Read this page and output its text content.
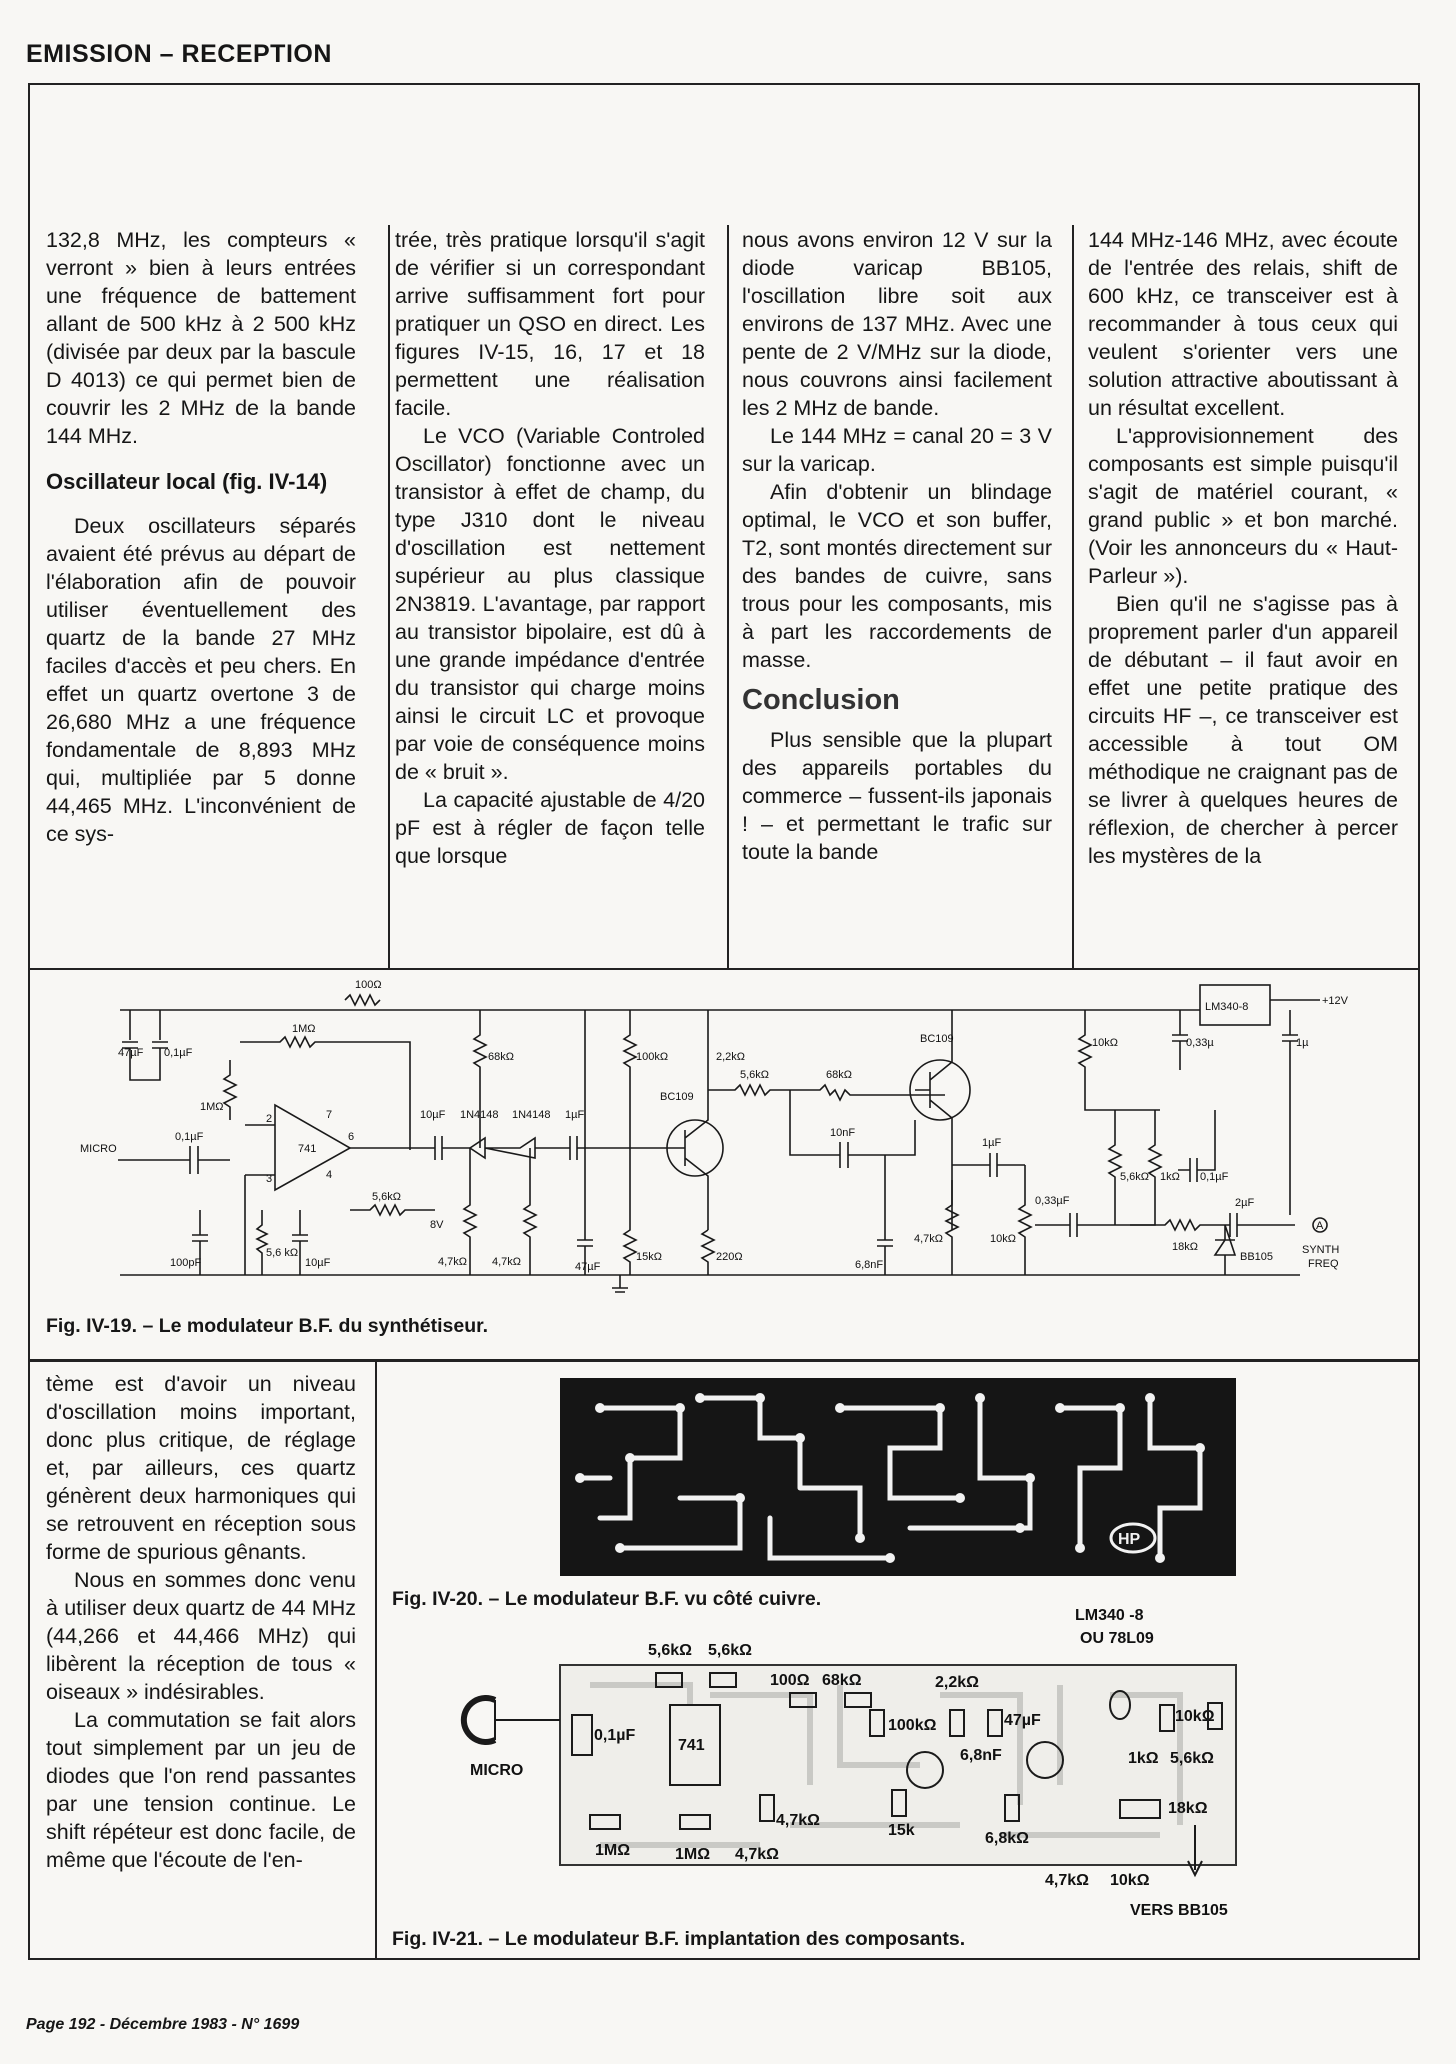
EMISSION – RECEPTION

132,8 MHz, les compteurs « verront » bien à leurs entrées une fréquence de battement allant de 500 kHz à 2 500 kHz (divisée par deux par la bascule D 4013) ce qui permet bien de couvrir les 2 MHz de la bande 144 MHz.

Oscillateur local (fig. IV-14)

Deux oscillateurs séparés avaient été prévus au départ de l'élaboration afin de pouvoir utiliser éventuellement des quartz de la bande 27 MHz faciles d'accès et peu chers. En effet un quartz overtone 3 de 26,680 MHz a une fréquence fondamentale de 8,893 MHz qui, multipliée par 5 donne 44,465 MHz. L'inconvénient de ce sys-

trée, très pratique lorsqu'il s'agit de vérifier si un correspondant arrive suffisamment fort pour pratiquer un QSO en direct. Les figures IV-15, 16, 17 et 18 permettent une réalisation facile.

Le VCO (Variable Controled Oscillator) fonctionne avec un transistor à effet de champ, du type J310 dont le niveau d'oscillation est nettement supérieur au plus classique 2N3819. L'avantage, par rapport au transistor bipolaire, est dû à une grande impédance d'entrée du transistor qui charge moins ainsi le circuit LC et provoque par voie de conséquence moins de « bruit ».

La capacité ajustable de 4/20 pF est à régler de façon telle que lorsque

nous avons environ 12 V sur la diode varicap BB105, l'oscillation libre soit aux environs de 137 MHz. Avec une pente de 2 V/MHz sur la diode, nous couvrons ainsi facilement les 2 MHz de bande.

Le 144 MHz = canal 20 = 3 V sur la varicap.

Afin d'obtenir un blindage optimal, le VCO et son buffer, T2, sont montés directement sur des bandes de cuivre, sans trous pour les composants, mis à part les raccordements de masse.

Conclusion

Plus sensible que la plupart des appareils portables du commerce – fussent-ils japonais ! – et permettant le trafic sur toute la bande

144 MHz-146 MHz, avec écoute de l'entrée des relais, shift de 600 kHz, ce transceiver est à recommander à tous ceux qui veulent s'orienter vers une solution attractive aboutissant à un résultat excellent.

L'approvisionnement des composants est simple puisqu'il s'agit de matériel courant, « grand public » et bon marché. (Voir les annonceurs du « Haut-Parleur »).

Bien qu'il ne s'agisse pas à proprement parler d'un appareil de débutant – il faut avoir en effet une petite pratique des circuits HF –, ce transceiver est accessible à tout OM méthodique ne craignant pas de se livrer à quelques heures de réflexion, de chercher à percer les mystères de la

47µF 0,1µF
100Ω
1MΩ
1MΩ
MICRO
0,1µF
741
2
3	4
6
7
100pF
5,6 kΩ
10µF
5,6kΩ
8V
10µF 1N4148 1N4148 1µF
68kΩ
4,7kΩ 4,7kΩ	47µF
100kΩ
15kΩ
BC109
2,2kΩ
220Ω
5,6kΩ	68kΩ
10nF
BC109
6,8nF
4,7kΩ
1µF
10kΩ
0,33µF
10kΩ
LM340-8	+12V
0,33µ	1µ
5,6kΩ 1kΩ 0,1µF
18kΩ
2µF
BB105
A
SYNTH
FREQ
Fig. IV-19. – Le modulateur B.F. du synthétiseur.

tème est d'avoir un niveau d'oscillation moins important, donc plus critique, de réglage et, par ailleurs, ces quartz génèrent deux harmoniques qui se retrouvent en réception sous forme de spurious gênants.

Nous en sommes donc venu à utiliser deux quartz de 44 MHz (44,266 et 44,466 MHz) qui libèrent la réception de tous « oiseaux » indésirables.

La commutation se fait alors tout simplement par un jeu de diodes que l'on rend passantes par une tension continue. Le shift répéteur est donc facile, de même que l'écoute de l'en-

HP
Fig. IV-20. – Le modulateur B.F. vu côté cuivre.
LM340 -8
OU 78L09
5,6kΩ 5,6kΩ
100Ω 68kΩ	2,2kΩ
MICRO
0,1µF
741
100kΩ	47µF
6,8nF
10kΩ
1kΩ 5,6kΩ
15k
4,7kΩ
6,8kΩ
18kΩ
1MΩ	1MΩ 4,7kΩ
4,7kΩ 10kΩ
VERS BB105
Fig. IV-21. – Le modulateur B.F. implantation des composants.
Page 192 - Décembre 1983 - N° 1699
